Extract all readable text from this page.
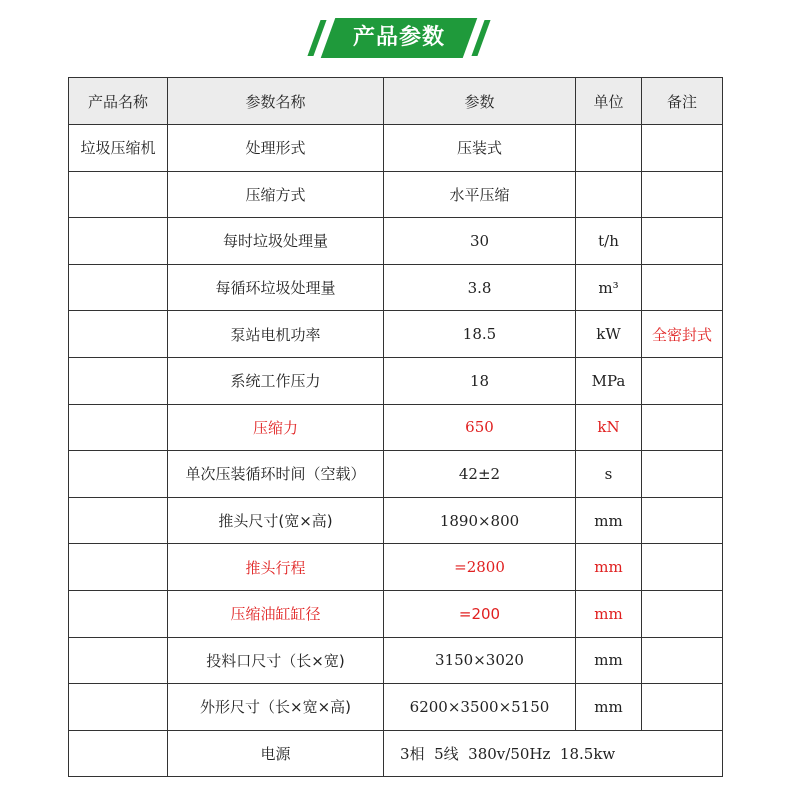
产品参数
产品名称	参数名称	参数	单位	备注
垃圾压缩机	处理形式	压装式		
	压缩方式	水平压缩		
	每时垃圾处理量	30	t/h	
	每循环垃圾处理量	3.8	m³	
	泵站电机功率	18.5	kW	全密封式
	系统工作压力	18	MPa	
	压缩力	650	kN	
	单次压装循环时间（空载）	42±2	s	
	推头尺寸(宽×高)	1890×800	mm	
	推头行程	=2800	mm	
	压缩油缸缸径	=200	mm	
	投料口尺寸（长×宽)	3150×3020	mm	
	外形尺寸（长×宽×高)	6200×3500×5150	mm	
	电源	3相  5线  380v/50Hz  18.5kw		
